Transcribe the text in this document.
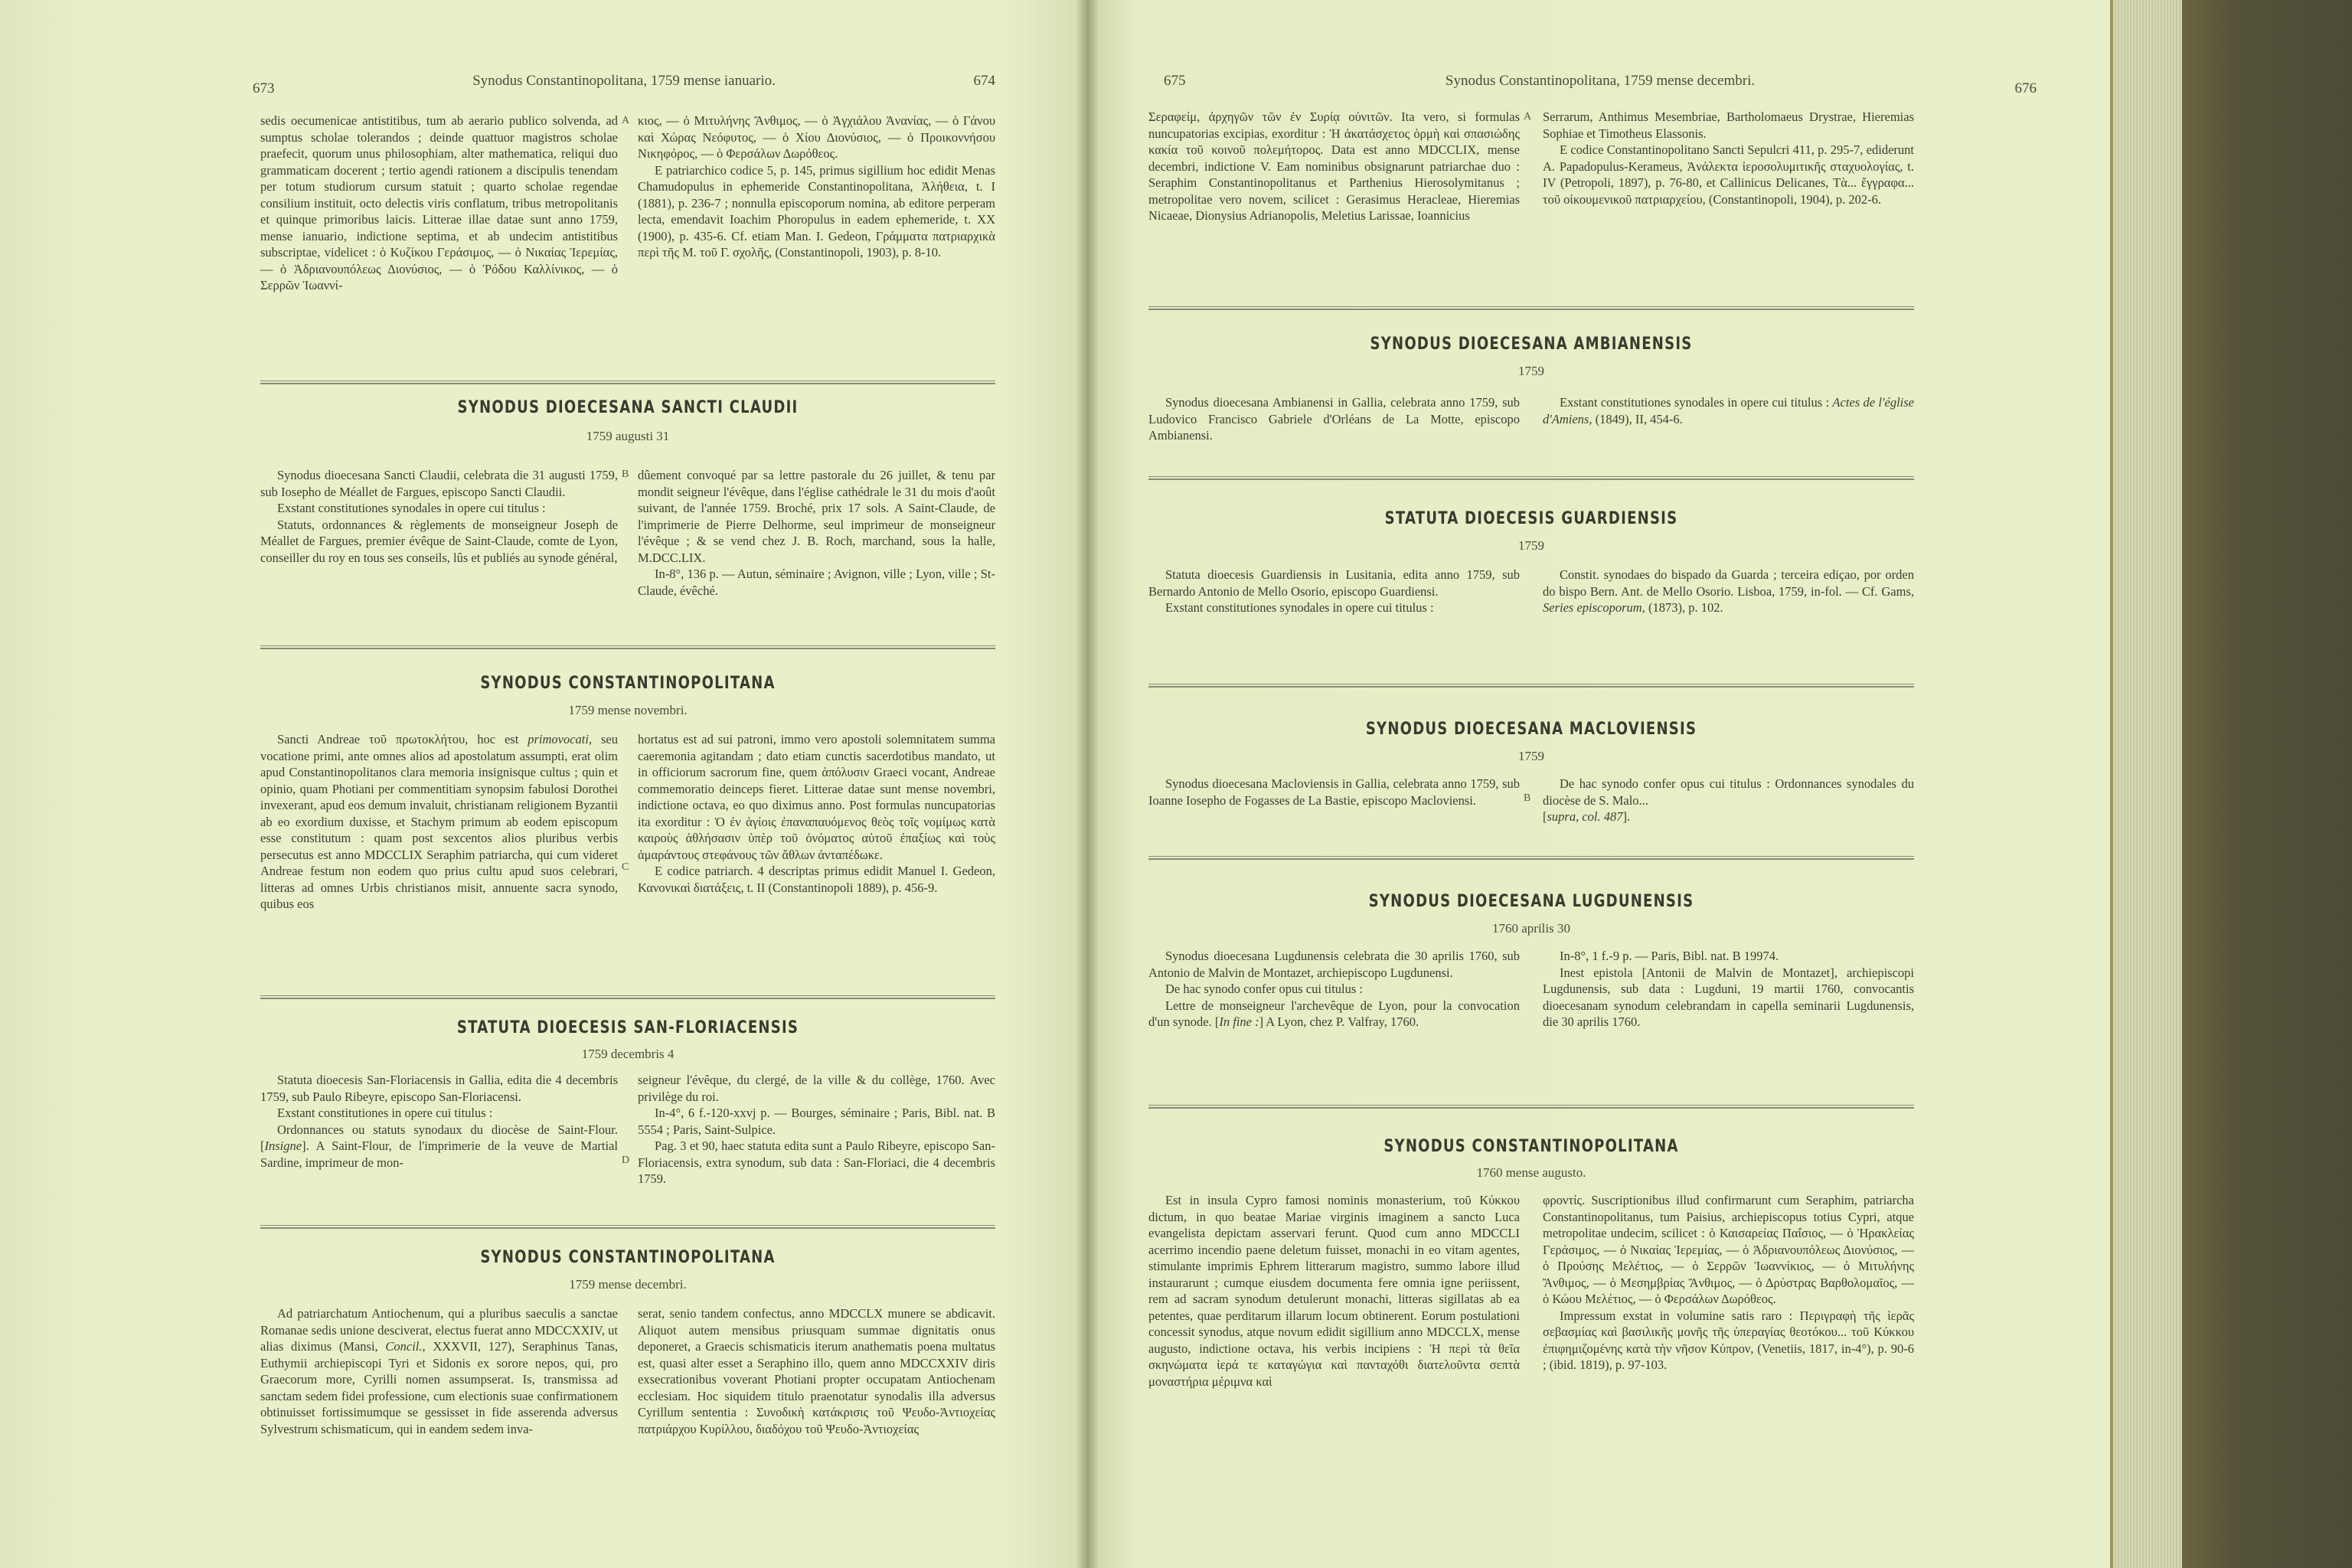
673	Synodus Constantinopolitana, 1759 mense ianuario.	674

sedis oecumenicae antistitibus, tum ab aerario publico solvenda, ad sumptus scholae tolerandos ; deinde quattuor magistros scholae praefecit, quorum unus philosophiam, alter mathematica, reliqui duo grammaticam docerent ; tertio agendi rationem a discipulis tenendam per totum studiorum cursum statuit ; quarto scholae regendae consilium instituit, octo delectis viris conflatum, tribus metropolitanis et quinque primoribus laicis. Litterae illae datae sunt anno 1759, mense ianuario, indictione septima, et ab undecim antistitibus subscriptae, videlicet : ὁ Κυζίκου Γεράσιμος, — ὁ Νικαίας Ἱερεμίας, — ὁ Ἀδριανουπόλεως Διονύσιος, — ὁ Ῥόδου Καλλίνικος, — ὁ Σερρῶν Ἰωαννί-

κιος, — ὁ Μιτυλήνης Ἄνθιμος, — ὁ Ἀγχιάλου Ἀνανίας, — ὁ Γάνου καὶ Χώρας Νεόφυτος, — ὁ Χίου Διονύσιος, — ὁ Προικοννήσου Νικηφόρος, — ὁ Φερσάλων Δωρόθεος.

E patriarchico codice 5, p. 145, primus sigillium hoc edidit Menas Chamudopulus in ephemeride Constantinopolitana, Ἀλήθεια, t. I (1881), p. 236-7 ; nonnulla episcoporum nomina, ab editore perperam lecta, emendavit Ioachim Phoropulus in eadem ephemeride, t. XX (1900), p. 435-6. Cf. etiam Man. I. Gedeon, Γράμματα πατριαρχικὰ περὶ τῆς Μ. τοῦ Γ. σχολῆς, (Constantinopoli, 1903), p. 8-10.

A
SYNODUS DIOECESANA SANCTI CLAUDII
1759 augusti 31

Synodus dioecesana Sancti Claudii, celebrata die 31 augusti 1759, sub Iosepho de Méallet de Fargues, episcopo Sancti Claudii.

Exstant constitutiones synodales in opere cui titulus :

Statuts, ordonnances & règlements de monseigneur Joseph de Méallet de Fargues, premier évêque de Saint-Claude, comte de Lyon, conseiller du roy en tous ses conseils, lûs et publiés au synode général,

dûement convoqué par sa lettre pastorale du 26 juillet, & tenu par mondit seigneur l'évêque, dans l'église cathédrale le 31 du mois d'août suivant, de l'année 1759. Broché, prix 17 sols. A Saint-Claude, de l'imprimerie de Pierre Delhorme, seul imprimeur de monseigneur l'évêque ; & se vend chez J. B. Roch, marchand, sous la halle, M.DCC.LIX.

In-8°, 136 p. — Autun, séminaire ; Avignon, ville ; Lyon, ville ; St-Claude, évêché.

B
SYNODUS CONSTANTINOPOLITANA
1759 mense novembri.

Sancti Andreae τοῦ πρωτοκλήτου, hoc est primovocati, seu vocatione primi, ante omnes alios ad apostolatum assumpti, erat olim apud Constantinopolitanos clara memoria insignisque cultus ; quin et opinio, quam Photiani per commentitiam synopsim fabulosi Dorothei invexerant, apud eos demum invaluit, christianam religionem Byzantii ab eo exordium duxisse, et Stachym primum ab eodem episcopum esse constitutum : quam post sexcentos alios pluribus verbis persecutus est anno MDCCLIX Seraphim patriarcha, qui cum videret Andreae festum non eodem quo prius cultu apud suos celebrari, litteras ad omnes Urbis christianos misit, annuente sacra synodo, quibus eos

hortatus est ad sui patroni, immo vero apostoli solemnitatem summa caeremonia agitandam ; dato etiam cunctis sacerdotibus mandato, ut in officiorum sacrorum fine, quem ἀπόλυσιν Graeci vocant, Andreae commemoratio deinceps fieret. Litterae datae sunt mense novembri, indictione octava, eo quo diximus anno. Post formulas nuncupatorias ita exorditur : Ὁ ἐν ἁγίοις ἐπαναπαυόμενος θεὸς τοῖς νομίμως κατὰ καιροὺς ἀθλήσασιν ὑπὲρ τοῦ ὀνόματος αὐτοῦ ἐπαξίως καὶ τοὺς ἀμαράντους στεφάνους τῶν ἄθλων ἀνταπέδωκε.

E codice patriarch. 4 descriptas primus edidit Manuel I. Gedeon, Κανονικαὶ διατάξεις, t. II (Constantinopoli 1889), p. 456-9.

C
STATUTA DIOECESIS SAN-FLORIACENSIS
1759 decembris 4

Statuta dioecesis San-Floriacensis in Gallia, edita die 4 decembris 1759, sub Paulo Ribeyre, episcopo San-Floriacensi.

Exstant constitutiones in opere cui titulus :

Ordonnances ou statuts synodaux du diocèse de Saint-Flour. [Insigne]. A Saint-Flour, de l'imprimerie de la veuve de Martial Sardine, imprimeur de mon-

seigneur l'évêque, du clergé, de la ville & du collège, 1760. Avec privilège du roi.

In-4°, 6 f.-120-xxvj p. — Bourges, séminaire ; Paris, Bibl. nat. B 5554 ; Paris, Saint-Sulpice.

Pag. 3 et 90, haec statuta edita sunt a Paulo Ribeyre, episcopo San-Floriacensis, extra synodum, sub data : San-Floriaci, die 4 decembris 1759.

D
SYNODUS CONSTANTINOPOLITANA
1759 mense decembri.

Ad patriarchatum Antiochenum, qui a pluribus saeculis a sanctae Romanae sedis unione desciverat, electus fuerat anno MDCCXXIV, ut alias diximus (Mansi, Concil., XXXVII, 127), Seraphinus Tanas, Euthymii archiepiscopi Tyri et Sidonis ex sorore nepos, qui, pro Graecorum more, Cyrilli nomen assumpserat. Is, transmissa ad sanctam sedem fidei professione, cum electionis suae confirmationem obtinuisset fortissimumque se gessisset in fide asserenda adversus Sylvestrum schismaticum, qui in eandem sedem inva-

serat, senio tandem confectus, anno MDCCLX munere se abdicavit. Aliquot autem mensibus priusquam summae dignitatis onus deponeret, a Graecis schismaticis iterum anathematis poena multatus est, quasi alter esset a Seraphino illo, quem anno MDCCXXIV diris exsecrationibus voverant Photiani propter occupatam Antiochenam ecclesiam. Hoc siquidem titulo praenotatur synodalis illa adversus Cyrillum sententia : Συνοδικὴ κατάκρισις τοῦ Ψευδο-Ἀντιοχείας πατριάρχου Κυρίλλου, διαδόχου τοῦ Ψευδο-Ἀντιοχείας

675	Synodus Constantinopolitana, 1759 mense decembri.	676

Σεραφείμ, ἀρχηγῶν τῶν ἐν Συρίᾳ οὐνιτῶν. Ita vero, si formulas nuncupatorias excipias, exorditur : Ἡ ἀκατάσχετος ὁρμὴ καὶ σπασιώδης κακία τοῦ κοινοῦ πολεμήτορος. Data est anno MDCCLIX, mense decembri, indictione V. Eam nominibus obsignarunt patriarchae duo : Seraphim Constantinopolitanus et Parthenius Hierosolymitanus ; metropolitae vero novem, scilicet : Gerasimus Heracleae, Hieremias Nicaeae, Dionysius Adrianopolis, Meletius Larissae, Ioannicius

Serrarum, Anthimus Mesembriae, Bartholomaeus Drystrae, Hieremias Sophiae et Timotheus Elassonis.

E codice Constantinopolitano Sancti Sepulcri 411, p. 295-7, ediderunt A. Papadopulus-Kerameus, Ἀνάλεκτα ἱεροσολυμιτικῆς σταχυολογίας, t. IV (Petropoli, 1897), p. 76-80, et Callinicus Delicanes, Τὰ... ἔγγραφα... τοῦ οἰκουμενικοῦ πατριαρχείου, (Constantinopoli, 1904), p. 202-6.

A
SYNODUS DIOECESANA AMBIANENSIS
1759

Synodus dioecesana Ambianensi in Gallia, celebrata anno 1759, sub Ludovico Francisco Gabriele d'Orléans de La Motte, episcopo Ambianensi.

Exstant constitutiones synodales in opere cui titulus : Actes de l'église d'Amiens, (1849), II, 454-6.

STATUTA DIOECESIS GUARDIENSIS
1759

Statuta dioecesis Guardiensis in Lusitania, edita anno 1759, sub Bernardo Antonio de Mello Osorio, episcopo Guardiensi.

Exstant constitutiones synodales in opere cui titulus :

Constit. synodaes do bispado da Guarda ; terceira ediçao, por orden do bispo Bern. Ant. de Mello Osorio. Lisboa, 1759, in-fol. — Cf. Gams, Series episcoporum, (1873), p. 102.

SYNODUS DIOECESANA MACLOVIENSIS
1759

Synodus dioecesana Macloviensis in Gallia, celebrata anno 1759, sub Ioanne Iosepho de Fogasses de La Bastie, episcopo Macloviensi.

De hac synodo confer opus cui titulus : Ordonnances synodales du diocèse de S. Malo...
[supra, col. 487].

B
SYNODUS DIOECESANA LUGDUNENSIS
1760 aprilis 30

Synodus dioecesana Lugdunensis celebrata die 30 aprilis 1760, sub Antonio de Malvin de Montazet, archiepiscopo Lugdunensi.

De hac synodo confer opus cui titulus :

Lettre de monseigneur l'archevêque de Lyon, pour la convocation d'un synode. [In fine :] A Lyon, chez P. Valfray, 1760.

In-8°, 1 f.-9 p. — Paris, Bibl. nat. B 19974.

Inest epistola [Antonii de Malvin de Montazet], archiepiscopi Lugdunensis, sub data : Lugduni, 19 martii 1760, convocantis dioecesanam synodum celebrandam in capella seminarii Lugdunensis, die 30 aprilis 1760.

SYNODUS CONSTANTINOPOLITANA
1760 mense augusto.

Est in insula Cypro famosi nominis monasterium, τοῦ Κύκκου dictum, in quo beatae Mariae virginis imaginem a sancto Luca evangelista depictam asservari ferunt. Quod cum anno MDCCLI acerrimo incendio paene deletum fuisset, monachi in eo vitam agentes, stimulante imprimis Ephrem litterarum magistro, summo labore illud instaurarunt ; cumque eiusdem documenta fere omnia igne periissent, rem ad sacram synodum detulerunt monachi, litteras sigillatas ab ea petentes, quae perditarum illarum locum obtinerent. Eorum postulationi concessit synodus, atque novum edidit sigillium anno MDCCLX, mense augusto, indictione octava, his verbis incipiens : Ἡ περὶ τὰ θεῖα σκηνώματα ἱερά τε καταγώγια καὶ πανταχόθι διατελοῦντα σεπτὰ μοναστήρια μέριμνα καὶ

φροντίς. Suscriptionibus illud confirmarunt cum Seraphim, patriarcha Constantinopolitanus, tum Paisius, archiepiscopus totius Cypri, atque metropolitae undecim, scilicet : ὁ Καισαρείας Παΐσιος, — ὁ Ἡρακλείας Γεράσιμος, — ὁ Νικαίας Ἱερεμίας, — ὁ Ἀδριανουπόλεως Διονύσιος, — ὁ Προύσης Μελέτιος, — ὁ Σερρῶν Ἰωαννίκιος, — ὁ Μιτυλήνης Ἄνθιμος, — ὁ Μεσημβρίας Ἄνθιμος, — ὁ Δρύστρας Βαρθολομαῖος, — ὁ Κώου Μελέτιος, — ὁ Φερσάλων Δωρόθεος.

Impressum exstat in volumine satis raro : Περιγραφὴ τῆς ἱερᾶς σεβασμίας καὶ βασιλικῆς μονῆς τῆς ὑπεραγίας θεοτόκου... τοῦ Κύκκου ἐπιφημιζομένης κατὰ τὴν νῆσον Κύπρον, (Venetiis, 1817, in-4°), p. 90-6 ; (ibid. 1819), p. 97-103.
